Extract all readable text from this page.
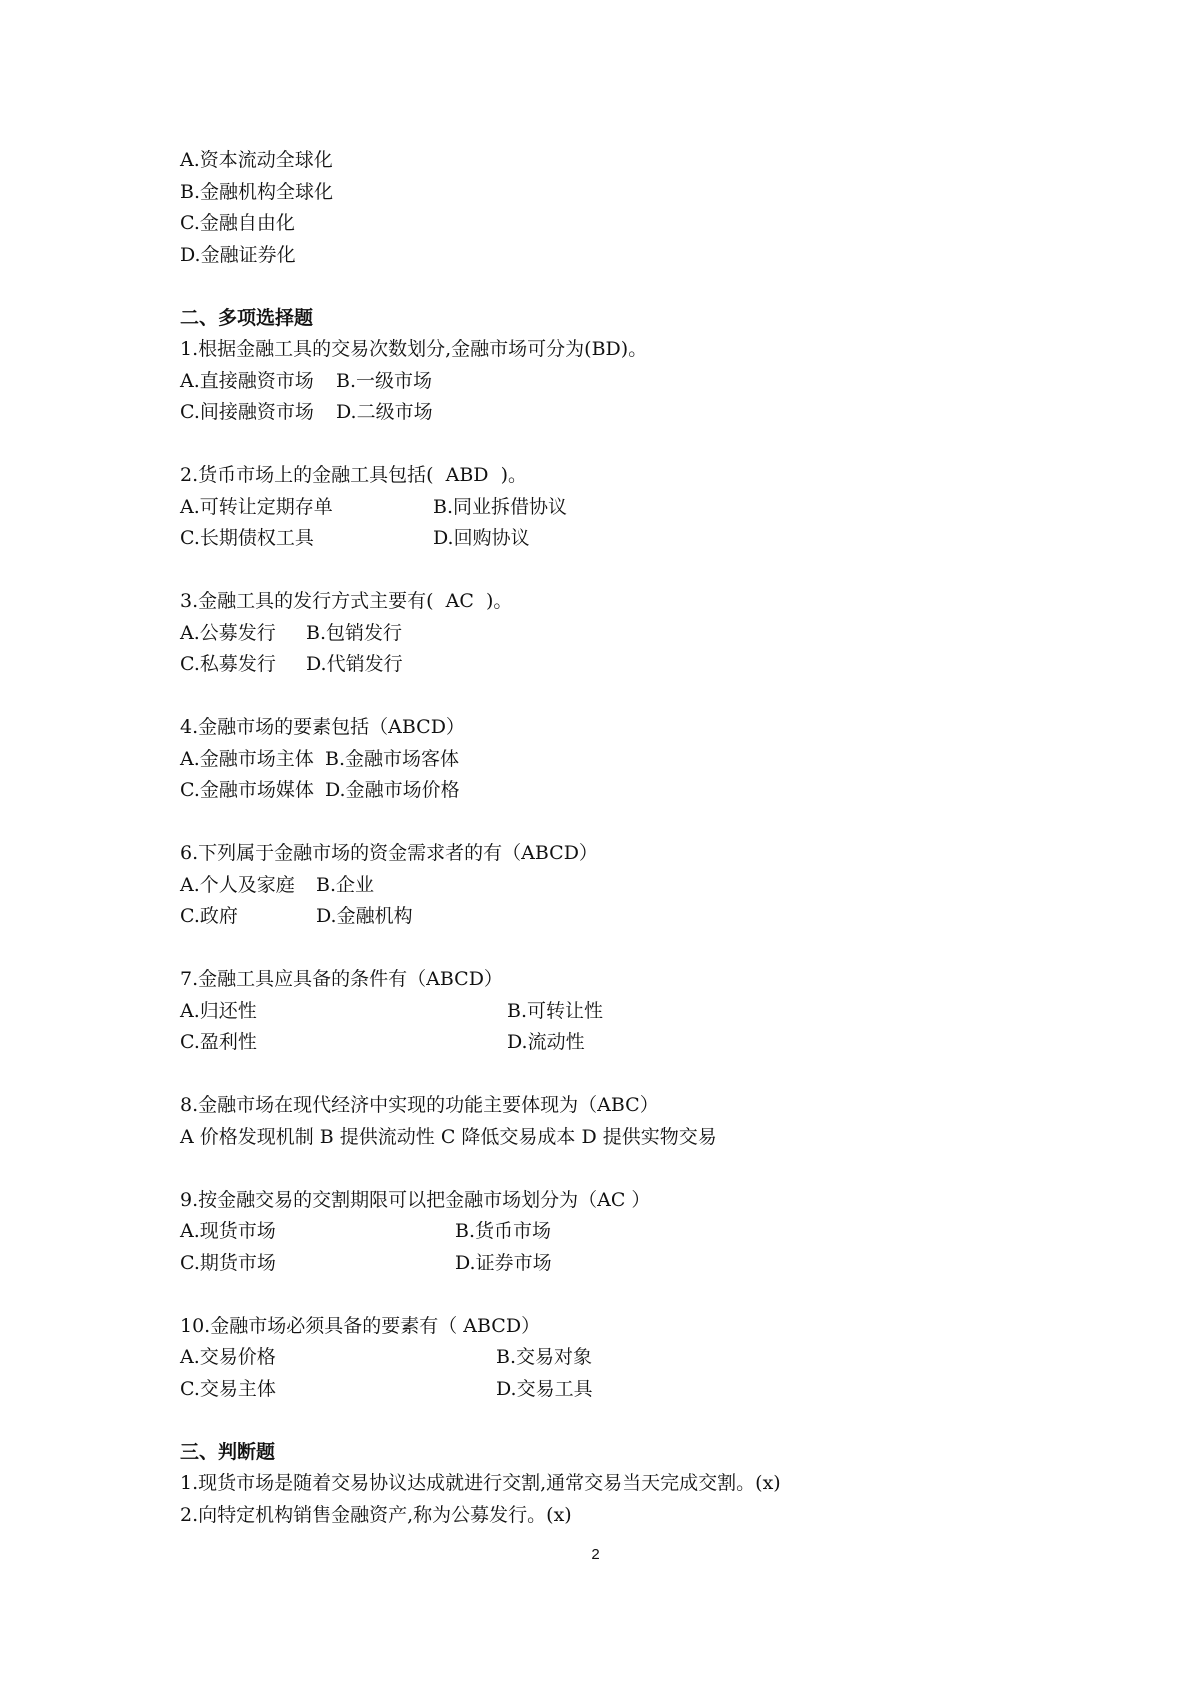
A.资本流动全球化
B.金融机构全球化
C.金融自由化
D.金融证券化
二、多项选择题
1.根据金融工具的交易次数划分,金融市场可分为(BD)。
A.直接融资市场	B.一级市场
C.间接融资市场	D.二级市场
2.货币市场上的金融工具包括(  ABD  )。
A.可转让定期存单	B.同业拆借协议
C.长期债权工具	D.回购协议
3.金融工具的发行方式主要有(  AC  )。
A.公募发行	B.包销发行
C.私募发行	D.代销发行
4.金融市场的要素包括（ABCD）
A.金融市场主体 B.金融市场客体
C.金融市场媒体 D.金融市场价格
6.下列属于金融市场的资金需求者的有（ABCD）
A.个人及家庭	B.企业
C.政府	D.金融机构
7.金融工具应具备的条件有（ABCD）
A.归还性	B.可转让性
C.盈利性	D.流动性
8.金融市场在现代经济中实现的功能主要体现为（ABC）
A 价格发现机制 B 提供流动性 C 降低交易成本 D 提供实物交易
9.按金融交易的交割期限可以把金融市场划分为（AC ）
A.现货市场	B.货币市场
C.期货市场	D.证券市场
10.金融市场必须具备的要素有（ ABCD）
A.交易价格	B.交易对象
C.交易主体	D.交易工具
三、判断题
1.现货市场是随着交易协议达成就进行交割,通常交易当天完成交割。(x)
2.向特定机构销售金融资产,称为公募发行。(x)
2
